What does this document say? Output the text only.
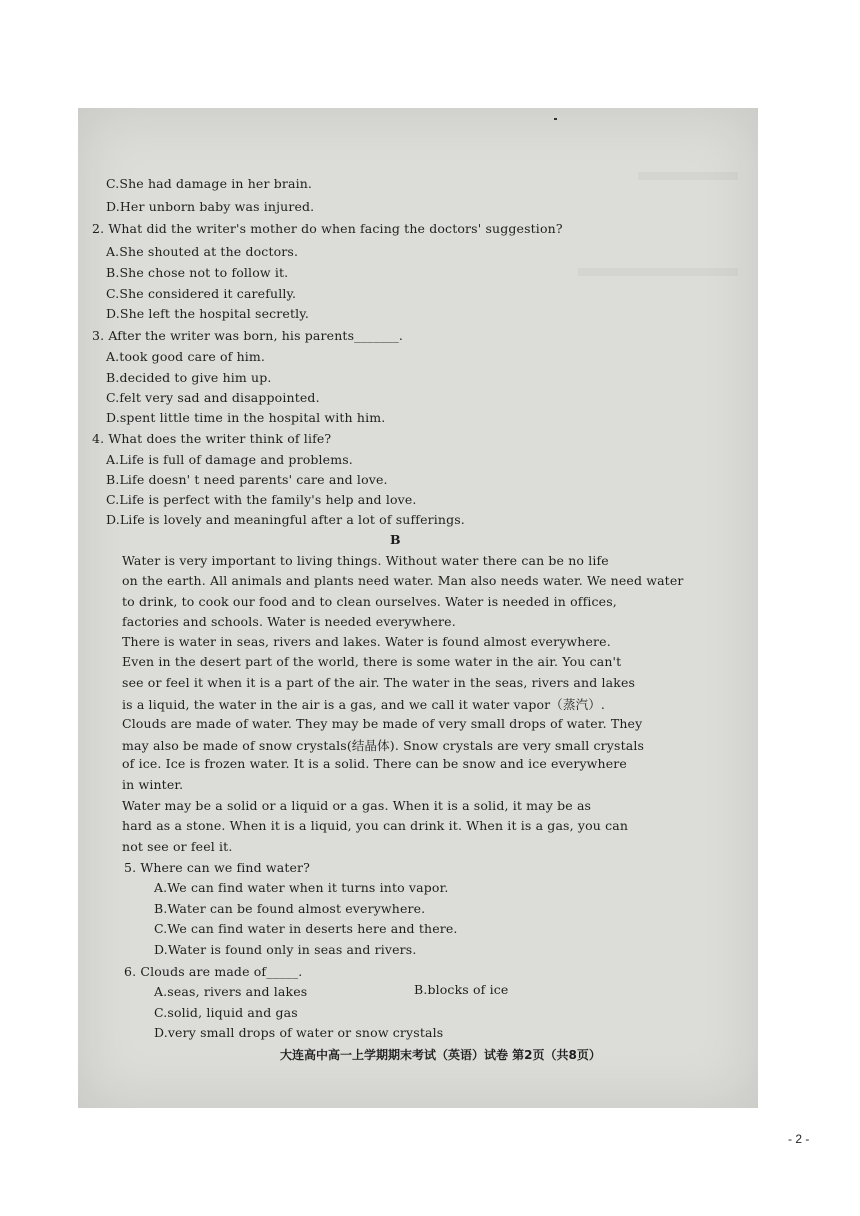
C.She had damage in her brain.
D.Her unborn baby was injured.
2. What did the writer's mother do when facing the doctors' suggestion?
A.She shouted at the doctors.
B.She chose not to follow it.
C.She considered it carefully.
D.She left the hospital secretly.
3. After the writer was born, his parents_______.
A.took good care of him.
B.decided to give him up.
C.felt very sad and disappointed.
D.spent little time in the hospital with him.
4. What does the writer think of life?
A.Life is full of damage and problems.
B.Life doesn' t need parents' care and love.
C.Life is perfect with the family's help and love.
D.Life is lovely and meaningful after a lot of sufferings.
B
Water is very important to living things. Without water there can be no life
on the earth. All animals and plants need water. Man also needs water. We need water
to drink, to cook our food and to clean ourselves. Water is needed in offices,
factories and schools. Water is needed everywhere.
There is water in seas, rivers and lakes. Water is found almost everywhere.
Even in the desert part of the world, there is some water in the air. You can't
see or feel it when it is a part of the air. The water in the seas, rivers and lakes
is a liquid, the water in the air is a gas, and we call it water vapor（蒸汽）.
Clouds are made of water. They may be made of very small drops of water. They
may also be made of snow crystals(结晶体). Snow crystals are very small crystals
of ice. Ice is frozen water. It is a solid. There can be snow and ice everywhere
in winter.
Water may be a solid or a liquid or a gas. When it is a solid, it may be as
hard as a stone. When it is a liquid, you can drink it. When it is a gas, you can
not see or feel it.
5. Where can we find water?
A.We can find water when it turns into vapor.
B.Water can be found almost everywhere.
C.We can find water in deserts here and there.
D.Water is found only in seas and rivers.
6. Clouds are made of_____.
A.seas, rivers and lakes	B.blocks of ice
C.solid, liquid and gas
D.very small drops of water or snow crystals
大连高中高一上学期期末考试（英语）试卷 第2页（共8页）
- 2 -
